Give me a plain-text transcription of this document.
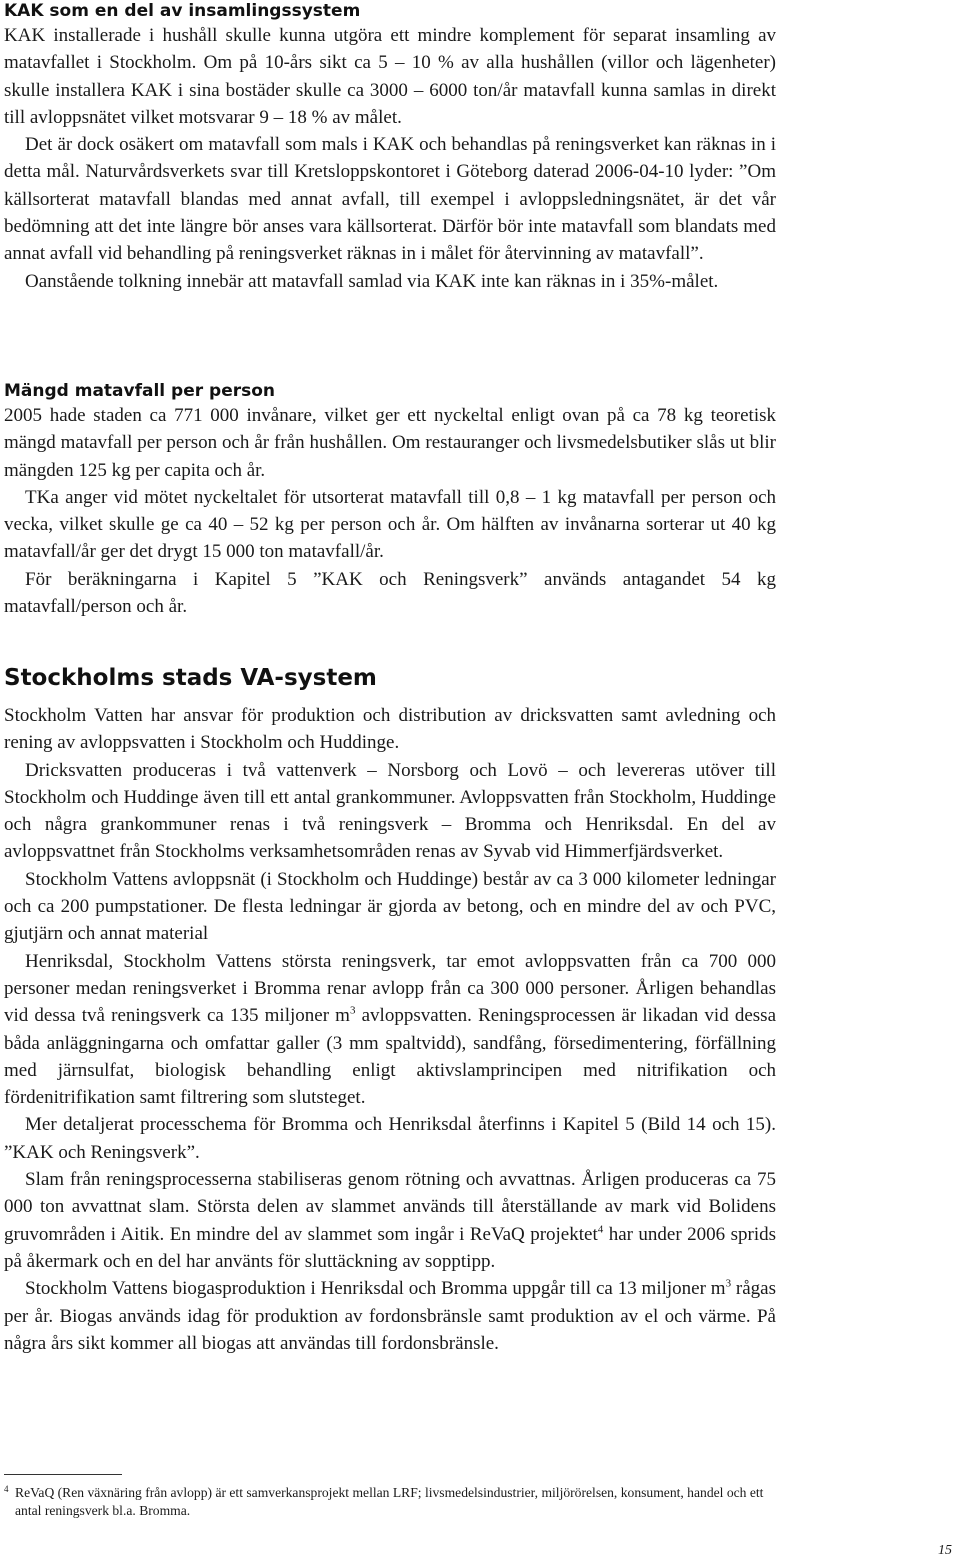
KAK som en del av insamlingssystem

KAK installerade i hushåll skulle kunna utgöra ett mindre komplement för separat insamling av matavfallet i Stockholm. Om på 10-års sikt ca 5 – 10 % av alla hushållen (villor och lägenheter) skulle installera KAK i sina bostäder skulle ca 3000 – 6000 ton/år matavfall kunna samlas in direkt till avloppsnätet vilket motsvarar 9 – 18 % av målet.

Det är dock osäkert om matavfall som mals i KAK och behandlas på reningsverket kan räknas in i detta mål. Naturvårdsverkets svar till Kretsloppskontoret i Göteborg daterad 2006-04-10 lyder: ”Om källsorterat matavfall blandas med annat avfall, till exempel i avloppsledningsnätet, är det vår bedömning att det inte längre bör anses vara källsorterat. Därför bör inte matavfall som blandats med annat avfall vid behandling på reningsverket räknas in i målet för återvinning av matavfall”.

Oanstående tolkning innebär att matavfall samlad via KAK inte kan räknas in i 35%-målet.

Mängd matavfall per person

2005 hade staden ca 771 000 invånare, vilket ger ett nyckeltal enligt ovan på ca 78 kg teoretisk mängd matavfall per person och år från hushållen. Om restauranger och livsmedelsbutiker slås ut blir mängden 125 kg per capita och år.

TKa anger vid mötet nyckeltalet för utsorterat matavfall till 0,8 – 1 kg matavfall per person och vecka, vilket skulle ge ca 40 – 52 kg per person och år. Om hälften av invånarna sorterar ut 40 kg matavfall/år ger det drygt 15 000 ton matavfall/år.

För beräkningarna i Kapitel 5 ”KAK och Reningsverk” används antagandet 54 kg matavfall/person och år.

Stockholms stads VA-system

Stockholm Vatten har ansvar för produktion och distribution av dricksvatten samt avledning och rening av avloppsvatten i Stockholm och Huddinge.

Dricksvatten produceras i två vattenverk – Norsborg och Lovö – och levereras utöver till Stockholm och Huddinge även till ett antal grankommuner. Avloppsvatten från Stockholm, Huddinge och några grankommuner renas i två reningsverk – Bromma och Henriksdal. En del av avloppsvattnet från Stockholms verksamhetsområden renas av Syvab vid Himmerfjärdsverket.

Stockholm Vattens avloppsnät (i Stockholm och Huddinge) består av ca 3 000 kilometer ledningar och ca 200 pumpstationer. De flesta ledningar är gjorda av betong, och en mindre del av och PVC, gjutjärn och annat material

Henriksdal, Stockholm Vattens största reningsverk, tar emot avloppsvatten från ca 700 000 personer medan reningsverket i Bromma renar avlopp från ca 300 000 personer. Årligen behandlas vid dessa två reningsverk ca 135 miljoner $m^3$ avloppsvatten. Reningsprocessen är likadan vid dessa båda anläggningarna och omfattar galler (3 mm spaltvidd), sandfång, försedimentering, förfällning med järnsulfat, biologisk behandling enligt aktivslamprincipen med nitrifikation och fördenitrifikation samt filtrering som slutsteget.

Mer detaljerat processchema för Bromma och Henriksdal återfinns i Kapitel 5 (Bild 14 och 15). ”KAK och Reningsverk”.

Slam från reningsprocesserna stabiliseras genom rötning och avvattnas. Årligen produceras ca 75 000 ton avvattnat slam. Största delen av slammet används till återställande av mark vid Bolidens gruvområden i Aitik. En mindre del av slammet som ingår i ReVaQ projektet$^4$ har under 2006 sprids på åkermark och en del har använts för sluttäckning av sopptipp.

Stockholm Vattens biogasproduktion i Henriksdal och Bromma uppgår till ca 13 miljoner $m^3$ rågas per år. Biogas används idag för produktion av fordonsbränsle samt produktion av el och värme. På några års sikt kommer all biogas att användas till fordonsbränsle.

4 ReVaQ (Ren växnäring från avlopp) är ett samverkansprojekt mellan LRF; livsmedelsindustrier, miljörörelsen, konsument, handel och ett antal reningsverk bl.a. Bromma.
15
